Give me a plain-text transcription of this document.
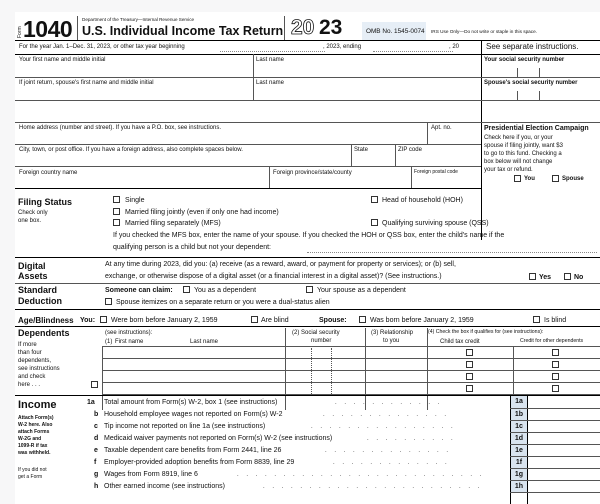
Form 1040 Department of the Treasury—Internal Revenue Service
U.S. Individual Income Tax Return 20 23	OMB No. 1545-0074 IRS Use Only—Do not write or staple in this space.
For the year Jan. 1–Dec. 31, 2023, or other tax year beginning	, 2023, ending	, 20	See separate instructions.
Your first name and middle initial	Last name	Your social security number
If joint return, spouse's first name and middle initial	Last name	Spouse's social security number
Home address (number and street). If you have a P.O. box, see instructions.	Apt. no.
City, town, or post office. If you have a foreign address, also complete spaces below.	State	ZIP code
Foreign country name	Foreign province/state/county	Foreign postal code
Presidential Election Campaign
Check here if you, or your
spouse if filing jointly, want $3
to go to this fund. Checking a
box below will not change
your tax or refund.
You	Spouse
Filing Status
Check only
one box.
Single
Married filing jointly (even if only one had income)
Married filing separately (MFS)
Head of household (HOH)
Qualifying surviving spouse (QSS)
If you checked the MFS box, enter the name of your spouse. If you checked the HOH or QSS box, enter the child's name if the
qualifying person is a child but not your dependent:
Digital
Assets
At any time during 2023, did you: (a) receive (as a reward, award, or payment for property or services); or (b) sell,
exchange, or otherwise dispose of a digital asset (or a financial interest in a digital asset)? (See instructions.)	Yes	No
Standard
Deduction
Someone can claim:	You as a dependent	Your spouse as a dependent
Spouse itemizes on a separate return or you were a dual-status alien
Age/Blindness You: Were born before January 2, 1959	Are blind	Spouse:	Was born before January 2, 1959	Is blind
Dependents	(see instructions):
(1) First name	Last name
(2) Social security
number
(3) Relationship
to you
(4) Check the box if qualifies for (see instructions):
Child tax credit	Credit for other dependents
If more
than four
dependents,
see instructions
and check
here . . .
Income
Attach Form(s)
W-2 here. Also
attach Forms
W-2G and
1099-R if tax
was withheld.
If you did not
get a Form
1a Total amount from Form(s) W-2, box 1 (see instructions)	. . . . . . . . . . . .	1a
b Household employee wages not reported on Form(s) W-2	. . . . . . . . . . . . . .	1b
c Tip income not reported on line 1a (see instructions)	. . . . . . . . . . . . . . . .	1c
d Medicaid waiver payments not reported on Form(s) W-2 (see instructions)	. . . . . . . . . .	1d
e Taxable dependent care benefits from Form 2441, line 26	. . . . . . . . . . . . . .	1e
f Employer-provided adoption benefits from Form 8839, line 29	. . . . . . . . . . . . .	1f
g Wages from Form 8919, line 6	. . . . . . . . . . . . . . . . . . . . . . . . . . .	1g
h Other earned income (see instructions)	. . . . . . . . . . . . . . . . . . . . . . . .	1h
